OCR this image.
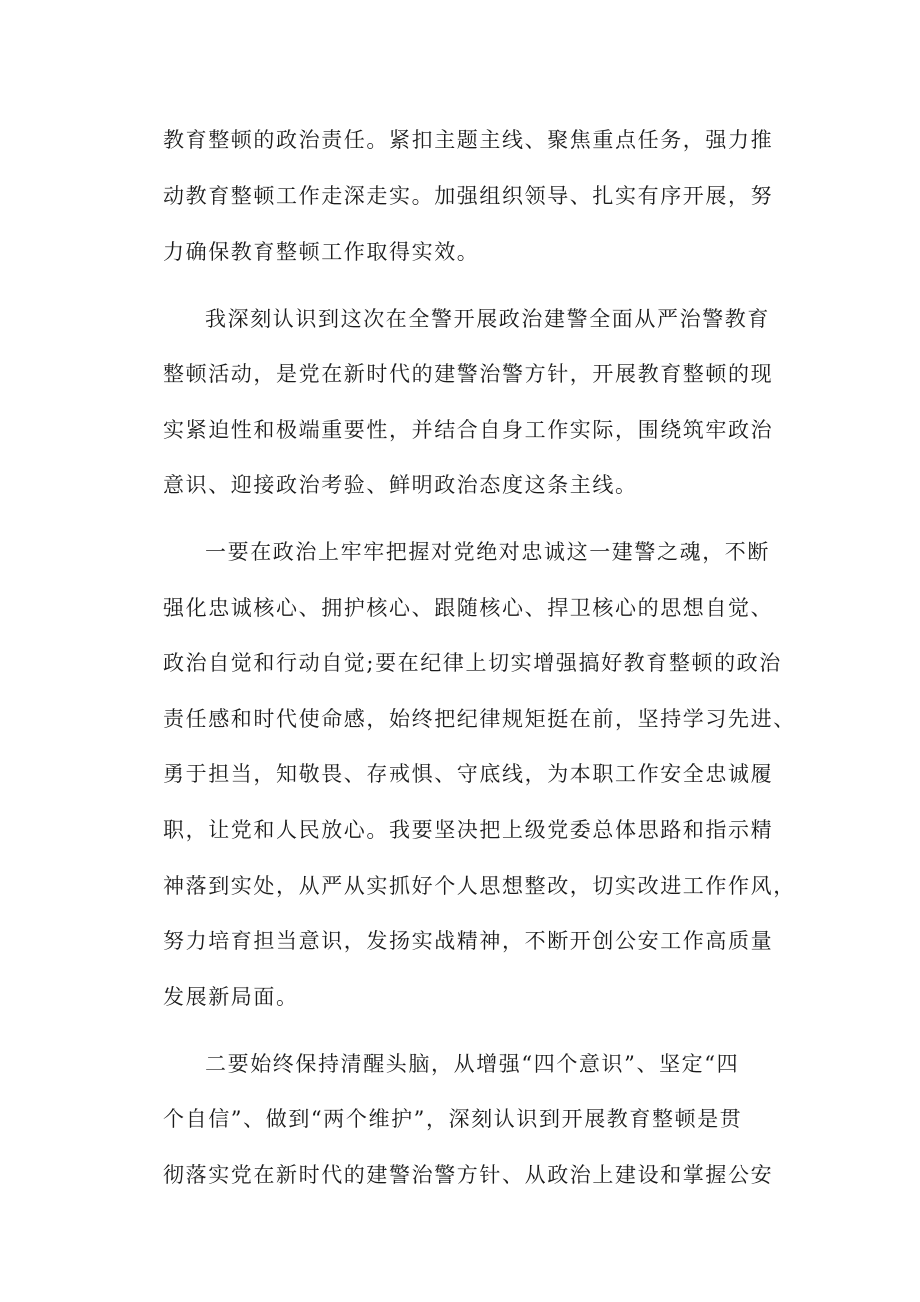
教育整顿的政治责任。紧扣主题主线、聚焦重点任务，强力推
动教育整顿工作走深走实。加强组织领导、扎实有序开展，努
力确保教育整顿工作取得实效。
我深刻认识到这次在全警开展政治建警全面从严治警教育
整顿活动，是党在新时代的建警治警方针，开展教育整顿的现
实紧迫性和极端重要性，并结合自身工作实际，围绕筑牢政治
意识、迎接政治考验、鲜明政治态度这条主线。
一要在政治上牢牢把握对党绝对忠诚这一建警之魂，不断
强化忠诚核心、拥护核心、跟随核心、捍卫核心的思想自觉、
政治自觉和行动自觉;要在纪律上切实增强搞好教育整顿的政治
责任感和时代使命感，始终把纪律规矩挺在前，坚持学习先进、
勇于担当，知敬畏、存戒惧、守底线，为本职工作安全忠诚履
职，让党和人民放心。我要坚决把上级党委总体思路和指示精
神落到实处，从严从实抓好个人思想整改，切实改进工作作风，
努力培育担当意识，发扬实战精神，不断开创公安工作高质量
发展新局面。
二要始终保持清醒头脑，从增强“四个意识”、坚定“四
个自信”、做到“两个维护”，深刻认识到开展教育整顿是贯
彻落实党在新时代的建警治警方针、从政治上建设和掌握公安
